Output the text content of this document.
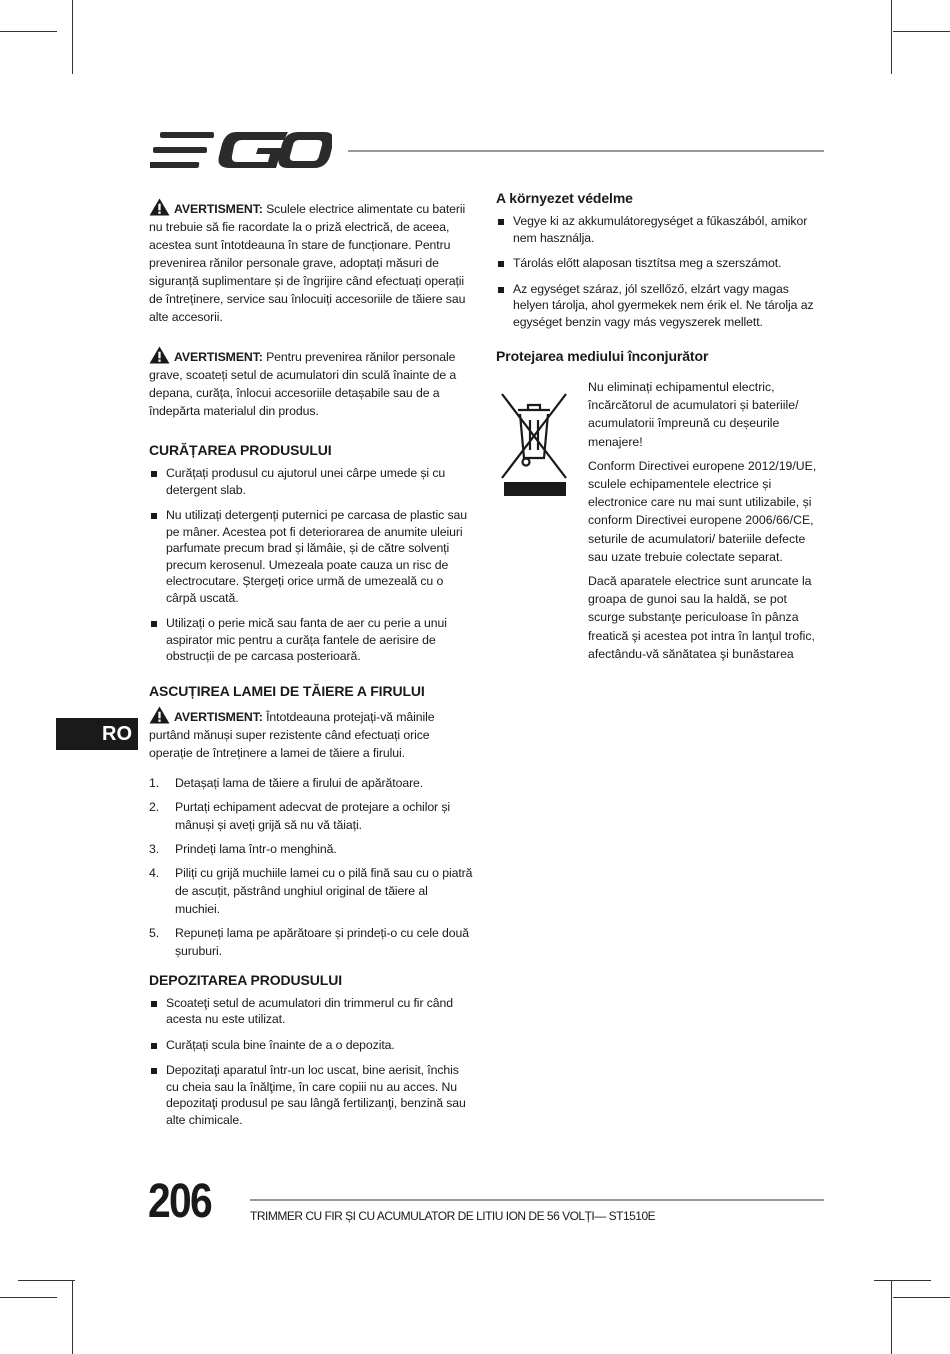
RO

AVERTISMENT: Sculele electrice alimentate cu baterii nu trebuie să fie racordate la o priză electrică, de aceea, acestea sunt întotdeauna în stare de funcționare. Pentru prevenirea rănilor personale grave, adoptați măsuri de siguranță suplimentare și de îngrijire când efectuați operații de întreținere, service sau înlocuiți accesoriile de tăiere sau alte accesorii.

AVERTISMENT: Pentru prevenirea rănilor personale grave, scoateți setul de acumulatori din sculă înainte de a depana, curăța, înlocui accesoriile detașabile sau de a îndepărta materialul din produs.

CURĂȚAREA PRODUSULUI
Curățați produsul cu ajutorul unei cârpe umede și cu detergent slab.
Nu utilizați detergenți puternici pe carcasa de plastic sau pe mâner. Acestea pot fi deteriorarea de anumite uleiuri parfumate precum brad și lămâie, și de către solvenți precum kerosenul. Umezeala poate cauza un risc de electrocutare. Ștergeți orice urmă de umezeală cu o cârpă uscată.
Utilizați o perie mică sau fanta de aer cu perie a unui aspirator mic pentru a curăța fantele de aerisire de obstrucții de pe carcasa posterioară.
ASCUȚIREA LAMEI DE TĂIERE A FIRULUI

AVERTISMENT: Întotdeauna protejați-vă mâinile purtând mănuși super rezistente când efectuați orice operație de întreținere a lamei de tăiere a firului.

1. Detașați lama de tăiere a firului de apărătoare.
2. Purtați echipament adecvat de protejare a ochilor și mânuși și aveți grijă să nu vă tăiați.
3. Prindeți lama într-o menghină.
4. Piliți cu grijă muchiile lamei cu o pilă fină sau cu o piatră de ascuțit, păstrând unghiul original de tăiere al muchiei.
5. Repuneți lama pe apărătoare și prindeți-o cu cele două șuruburi.
DEPOZITAREA PRODUSULUI
Scoateţi setul de acumulatori din trimmerul cu fir când acesta nu este utilizat.
Curățați scula bine înainte de a o depozita.
Depozitaţi aparatul într-un loc uscat, bine aerisit, închis cu cheia sau la înălţime, în care copiii nu au acces. Nu depozitaţi produsul pe sau lângă fertilizanţi, benzină sau alte chimicale.
A környezet védelme
Vegye ki az akkumulátoregységet a fűkaszából, amikor nem használja.
Tárolás előtt alaposan tisztítsa meg a szerszámot.
Az egységet száraz, jól szellőző, elzárt vagy magas helyen tárolja, ahol gyermekek nem érik el. Ne tárolja az egységet benzin vagy más vegyszerek mellett.
Protejarea mediului înconjurător

Nu eliminați echipamentul electric, încărcătorul de acumulatori și bateriile/ acumulatorii împreună cu deșeurile menajere!

Conform Directivei europene 2012/19/UE, sculele echipamentele electrice și electronice care nu mai sunt utilizabile, și conform Directivei europene 2006/66/CE, seturile de acumulatori/ bateriile defecte sau uzate trebuie colectate separat.

Dacă aparatele electrice sunt aruncate la groapa de gunoi sau la haldă, se pot scurge substanţe periculoase în pânza freatică şi acestea pot intra în lanţul trofic, afectându-vă sănătatea şi bunăstarea

206	TRIMMER CU FIR ȘI CU ACUMULATOR DE LITIU ION DE 56 VOLȚI— ST1510E
